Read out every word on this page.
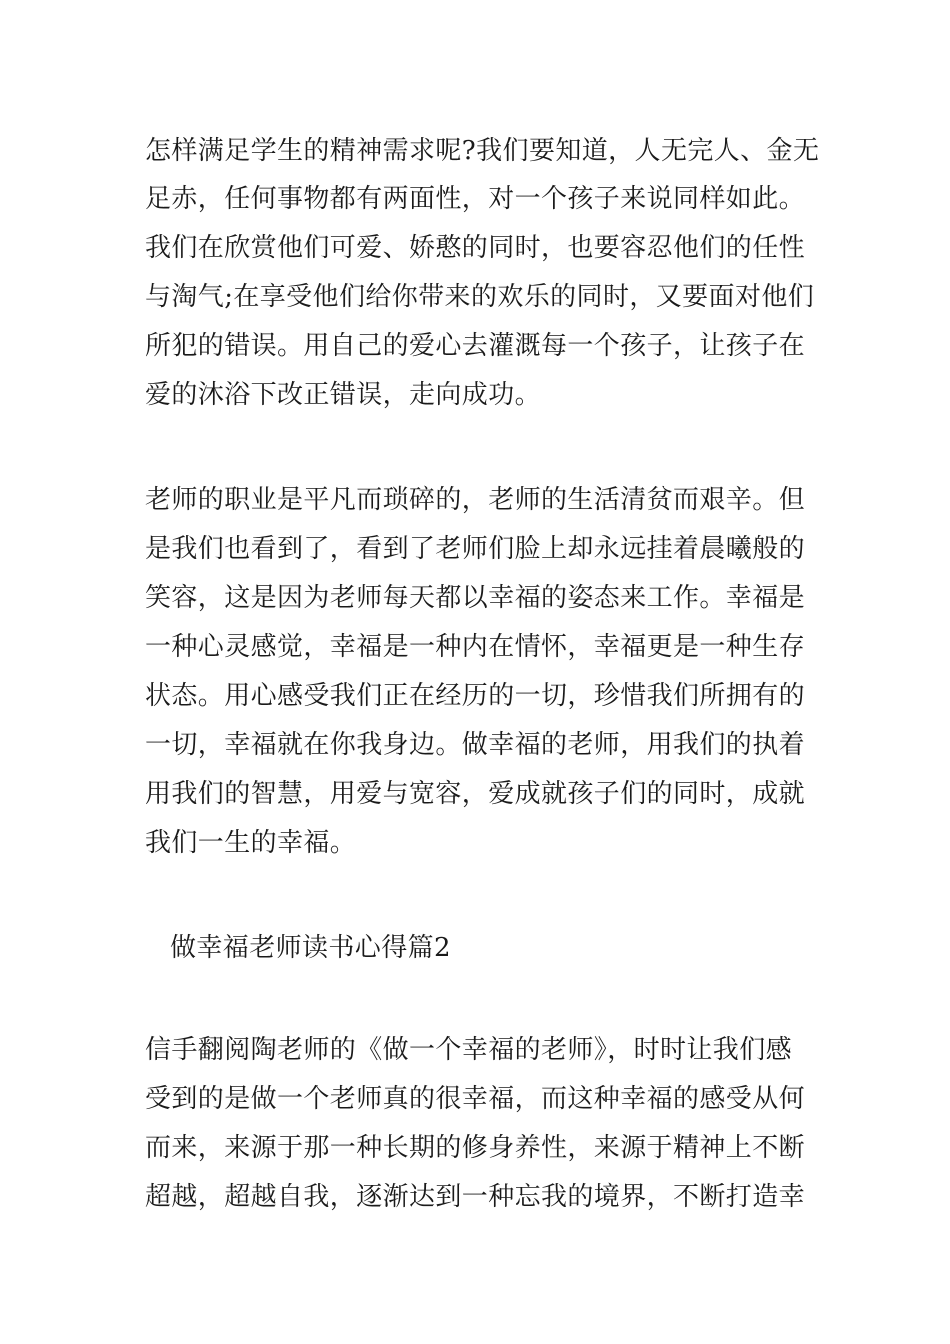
怎样满足学生的精神需求呢?我们要知道，人无完人、金无
足赤，任何事物都有两面性，对一个孩子来说同样如此。
我们在欣赏他们可爱、娇憨的同时，也要容忍他们的任性
与淘气;在享受他们给你带来的欢乐的同时，又要面对他们
所犯的错误。用自己的爱心去灌溉每一个孩子，让孩子在
爱的沐浴下改正错误，走向成功。
老师的职业是平凡而琐碎的，老师的生活清贫而艰辛。但
是我们也看到了，看到了老师们脸上却永远挂着晨曦般的
笑容，这是因为老师每天都以幸福的姿态来工作。幸福是
一种心灵感觉，幸福是一种内在情怀，幸福更是一种生存
状态。用心感受我们正在经历的一切，珍惜我们所拥有的
一切，幸福就在你我身边。做幸福的老师，用我们的执着
用我们的智慧，用爱与宽容，爱成就孩子们的同时，成就
我们一生的幸福。
做幸福老师读书心得篇2
信手翻阅陶老师的《做一个幸福的老师》，时时让我们感
受到的是做一个老师真的很幸福，而这种幸福的感受从何
而来，来源于那一种长期的修身养性，来源于精神上不断
超越，超越自我，逐渐达到一种忘我的境界，不断打造幸
